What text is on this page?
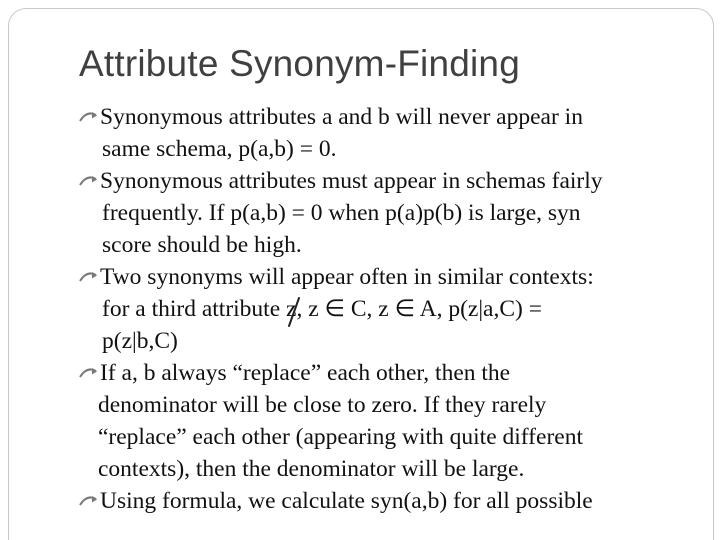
Attribute Synonym-Finding
Synonymous attributes a and b will never appear in
same schema, p(a,b) = 0.
Synonymous attributes must appear in schemas fairly
frequently. If p(a,b) = 0 when p(a)p(b) is large, syn
score should be high.
Two synonyms will appear often in similar contexts:
for a third attribute z, z ∈ C, z ∈ A, p(z|a,C) =
p(z|b,C)
If a, b always “replace” each other, then the
denominator will be close to zero. If they rarely
“replace” each other (appearing with quite different
contexts), then the denominator will be large.
Using formula, we calculate syn(a,b) for all possible
